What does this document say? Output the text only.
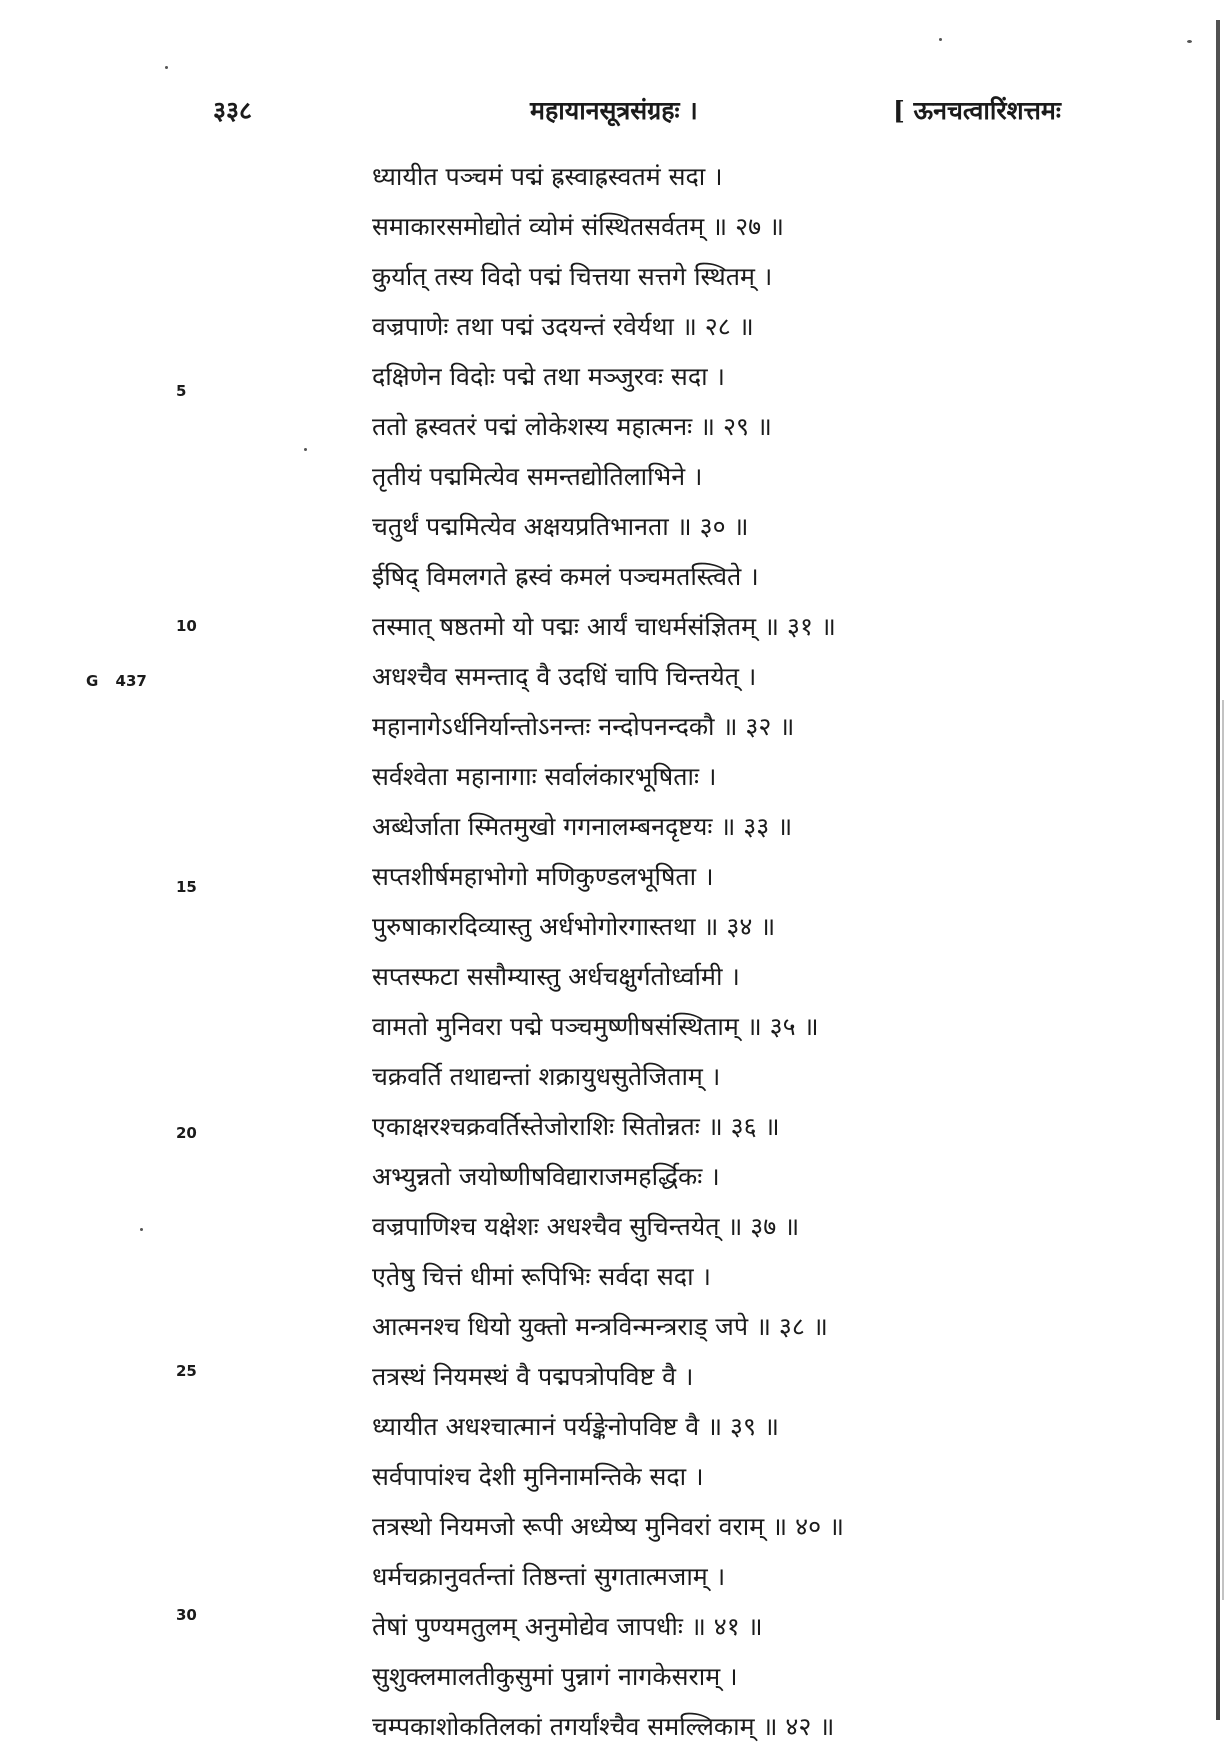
३३८	महायानसूत्रसंग्रहः ।	[ ऊनचत्वारिंशत्तमः
5
10
15
20
25
30
G 437
ध्यायीत पञ्चमं पद्मं ह्रस्वाह्रस्वतमं सदा ।
समाकारसमोद्योतं व्योमं संस्थितसर्वतम् ॥ २७ ॥
कुर्यात् तस्य विदो पद्मं चित्तया सत्तगे स्थितम् ।
वज्रपाणेः तथा पद्मं उदयन्तं रवेर्यथा ॥ २८ ॥
दक्षिणेन विदोः पद्मे तथा मञ्जुरवः सदा ।
ततो ह्रस्वतरं पद्मं लोकेशस्य महात्मनः ॥ २९ ॥
तृतीयं पद्ममित्येव समन्तद्योतिलाभिने ।
चतुर्थं पद्ममित्येव अक्षयप्रतिभानता ॥ ३० ॥
ईषिद् विमलगते ह्रस्वं कमलं पञ्चमतस्त्विते ।
तस्मात् षष्ठतमो यो पद्मः आर्यं चाधर्मसंज्ञितम् ॥ ३१ ॥
अधश्चैव समन्ताद् वै उदधिं चापि चिन्तयेत् ।
महानागेऽर्धनिर्यान्तोऽनन्तः नन्दोपनन्दकौ ॥ ३२ ॥
सर्वश्वेता महानागाः सर्वालंकारभूषिताः ।
अब्धेर्जाता स्मितमुखो गगनालम्बनदृष्टयः ॥ ३३ ॥
सप्तशीर्षमहाभोगो मणिकुण्डलभूषिता ।
पुरुषाकारदिव्यास्तु अर्धभोगोरगास्तथा ॥ ३४ ॥
सप्तस्फटा ससौम्यास्तु अर्धचक्षुर्गतोर्ध्वामी ।
वामतो मुनिवरा पद्मे पञ्चमुष्णीषसंस्थिताम् ॥ ३५ ॥
चक्रवर्ति तथाद्यन्तां शक्रायुधसुतेजिताम् ।
एकाक्षरश्चक्रवर्तिस्तेजोराशिः सितोन्नतः ॥ ३६ ॥
अभ्युन्नतो जयोष्णीषविद्याराजमहर्द्धिकः ।
वज्रपाणिश्च यक्षेशः अधश्चैव सुचिन्तयेत् ॥ ३७ ॥
एतेषु चित्तं धीमां रूपिभिः सर्वदा सदा ।
आत्मनश्च धियो युक्तो मन्त्रविन्मन्त्रराड् जपे ॥ ३८ ॥
तत्रस्थं नियमस्थं वै पद्मपत्रोपविष्ट वै ।
ध्यायीत अधश्चात्मानं पर्यङ्केनोपविष्ट वै ॥ ३९ ॥
सर्वपापांश्च देशी मुनिनामन्तिके सदा ।
तत्रस्थो नियमजो रूपी अध्येष्य मुनिवरां वराम् ॥ ४० ॥
धर्मचक्रानुवर्तन्तां तिष्ठन्तां सुगतात्मजाम् ।
तेषां पुण्यमतुलम् अनुमोद्येव जापधीः ॥ ४१ ॥
सुशुक्लमालतीकुसुमां पुन्नागं नागकेसराम् ।
चम्पकाशोकतिलकां तगर्यांश्चैव समल्लिकाम् ॥ ४२ ॥
